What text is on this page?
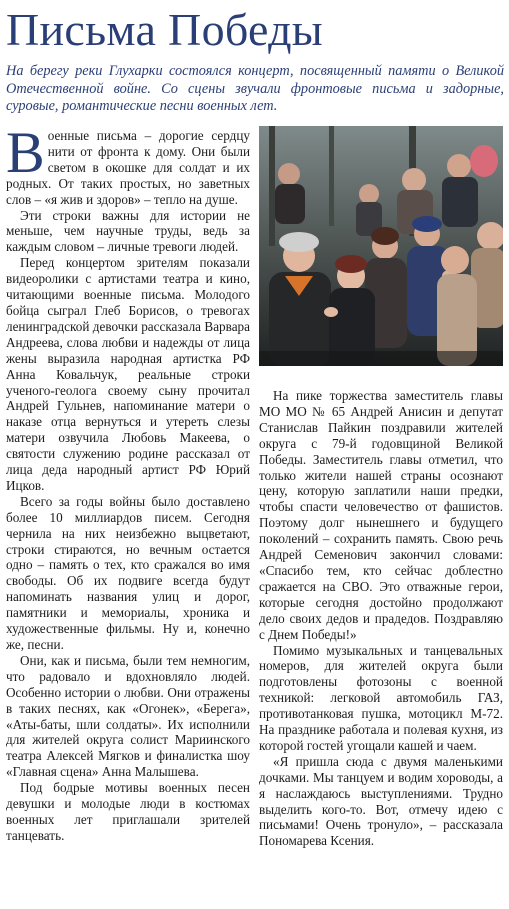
Письма Победы
На берегу реки Глухарки состоялся концерт, посвященный памяти о Великой Отечественной войне. Со сцены звучали фронтовые письма и задорные, суровые, романтические песни военных лет.

Военные письма – дорогие сердцу нити от фронта к дому. Они были светом в окошке для солдат и их родных. От таких простых, но заветных слов – «я жив и здоров» – тепло на душе.

Эти строки важны для истории не меньше, чем научные труды, ведь за каждым словом – личные тревоги людей.

Перед концертом зрителям показали видеоролики с артистами театра и кино, читающими военные письма. Молодого бойца сыграл Глеб Борисов, о тревогах ленинградской девочки рассказала Варвара Андреева, слова любви и надежды от лица жены выразила народная артистка РФ Анна Ковальчук, реальные строки ученого-геолога своему сыну прочитал Андрей Гульнев, напоминание матери о наказе отца вернуться и утереть слезы матери озвучила Любовь Макеева, о святости служению родине рассказал от лица деда народный артист РФ Юрий Ицков.

Всего за годы войны было доставлено более 10 миллиардов писем. Сегодня чернила на них неизбежно выцветают, строки стираются, но вечным остается одно – память о тех, кто сражался во имя свободы. Об их подвиге всегда будут напоминать названия улиц и дорог, памятники и мемориалы, хроника и художественные фильмы. Ну и, конечно же, песни.

Они, как и письма, были тем немногим, что радовало и вдохновляло людей. Особенно истории о любви. Они отражены в таких песнях, как «Огонек», «Берега», «Аты-баты, шли солдаты». Их исполнили для жителей округа солист Мариинского театра Алексей Мягков и финалистка шоу «Главная сцена» Анна Малышева.

Под бодрые мотивы военных песен девушки и молодые люди в костюмах военных лет приглашали зрителей танцевать.

На пике торжества заместитель главы МО МО № 65 Андрей Анисин и депутат Станислав Пайкин поздравили жителей округа с 79-й годовщиной Великой Победы. Заместитель главы отметил, что только жители нашей страны осознают цену, которую заплатили наши предки, чтобы спасти человечество от фашистов. Поэтому долг нынешнего и будущего поколений – сохранить память. Свою речь Андрей Семенович закончил словами: «Спасибо тем, кто сейчас доблестно сражается на СВО. Это отважные герои, которые сегодня достойно продолжают дело своих дедов и прадедов. Поздравляю с Днем Победы!»

Помимо музыкальных и танцевальных номеров, для жителей округа были подготовлены фотозоны с военной техникой: легковой автомобиль ГАЗ, противотанковая пушка, мотоцикл М-72. На празднике работала и полевая кухня, из которой гостей угощали кашей и чаем.

«Я пришла сюда с двумя маленькими дочками. Мы танцуем и водим хороводы, а я наслаждаюсь выступлениями. Трудно выделить кого-то. Вот, отмечу идею с письмами! Очень тронуло», – рассказала Пономарева Ксения.
